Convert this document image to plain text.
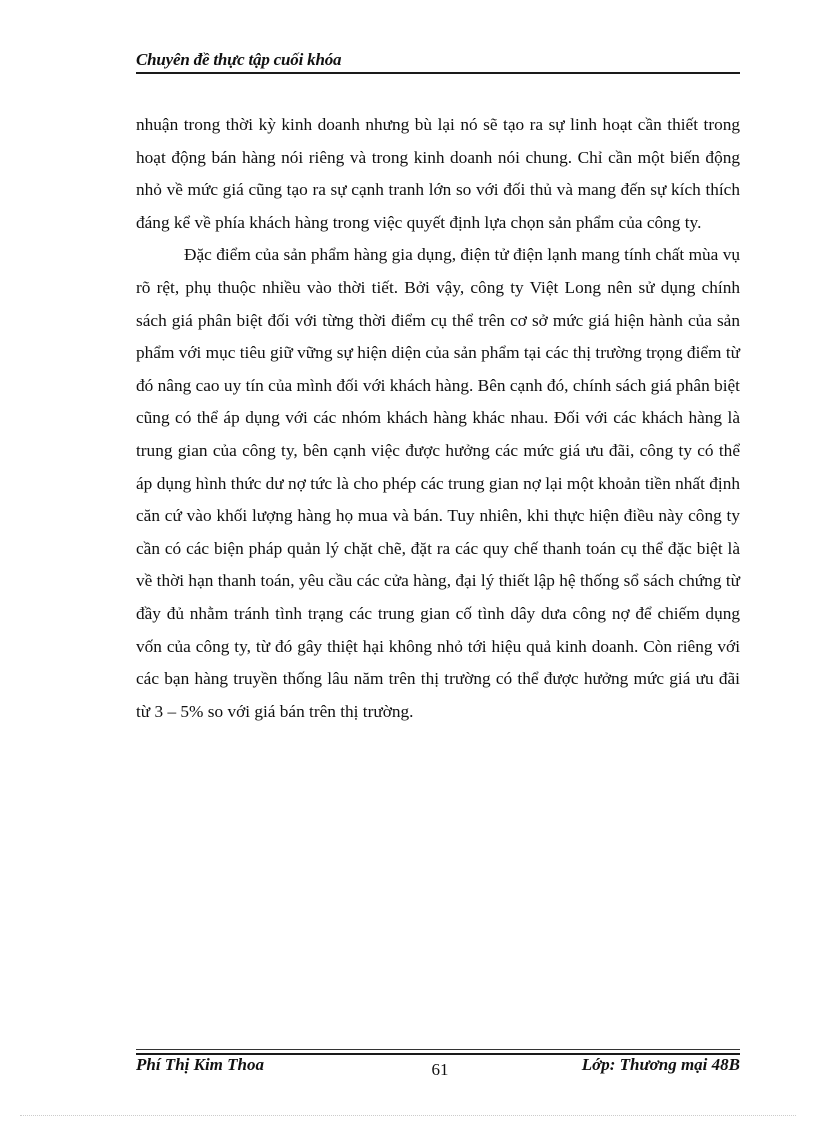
Chuyên đề thực tập cuối khóa

nhuận trong thời kỳ kinh doanh nhưng bù lại nó sẽ tạo ra sự linh hoạt cần thiết trong hoạt động bán hàng nói riêng và trong kinh doanh nói chung. Chỉ cần một biến động nhỏ về mức giá cũng tạo ra sự cạnh tranh lớn so với đối thủ và mang đến sự kích thích đáng kể về phía khách hàng trong việc quyết định lựa chọn sản phẩm của công ty.

Đặc điểm của sản phẩm hàng gia dụng, điện tử điện lạnh mang tính chất mùa vụ rõ rệt, phụ thuộc nhiều vào thời tiết. Bởi vậy, công ty Việt Long nên sử dụng chính sách giá phân biệt đối với từng thời điểm cụ thể trên cơ sở mức giá hiện hành của sản phẩm với mục tiêu giữ vững sự hiện diện của sản phẩm tại các thị trường trọng điểm từ đó nâng cao uy tín của mình đối với khách hàng. Bên cạnh đó, chính sách giá phân biệt cũng có thể áp dụng với các nhóm khách hàng khác nhau. Đối với các khách hàng là trung gian của công ty, bên cạnh việc được hưởng các mức giá ưu đãi, công ty có thể áp dụng hình thức dư nợ tức là cho phép các trung gian nợ lại một khoản tiền nhất định căn cứ vào khối lượng hàng họ mua và bán. Tuy nhiên, khi thực hiện điều này công ty cần có các biện pháp quản lý chặt chẽ, đặt ra các quy chế thanh toán cụ thể đặc biệt là về thời hạn thanh toán, yêu cầu các cửa hàng, đại lý thiết lập hệ thống sổ sách chứng từ đầy đủ nhằm tránh tình trạng các trung gian cố tình dây dưa công nợ để chiếm dụng vốn của công ty, từ đó gây thiệt hại không nhỏ tới hiệu quả kinh doanh. Còn riêng với các bạn hàng truyền thống lâu năm trên thị trường có thể được hưởng mức giá ưu đãi từ 3 – 5% so với giá bán trên thị trường.

Phí Thị Kim Thoa	61	Lớp: Thương mại 48B
